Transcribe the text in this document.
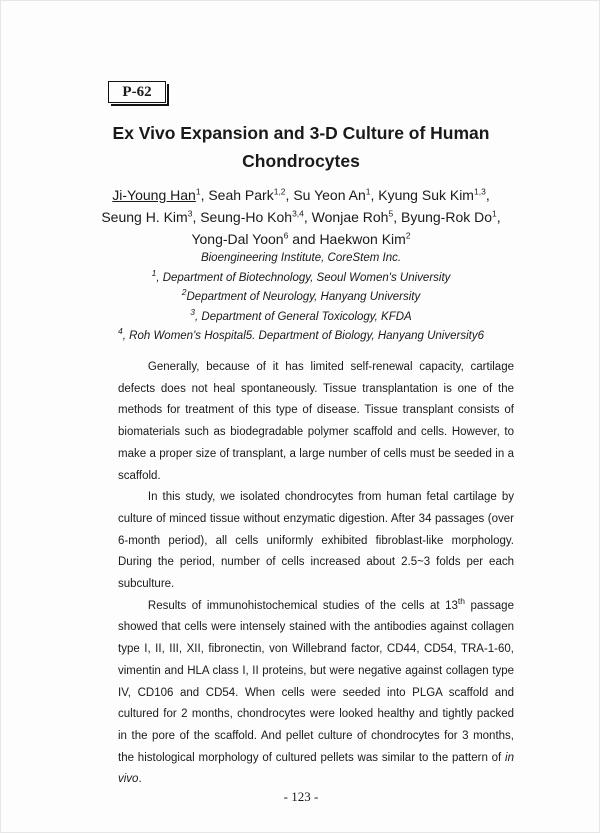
P-62
Ex Vivo Expansion and 3-D Culture of Human
Chondrocytes
Ji-Young Han$^1$, Seah Park$^{1,2}$, Su Yeon An$^1$, Kyung Suk Kim$^{1,3}$,
Seung H. Kim$^3$, Seung-Ho Koh$^{3,4}$, Wonjae Roh$^5$, Byung-Rok Do$^1$,
Yong-Dal Yoon$^6$ and Haekwon Kim$^2$
Bioengineering Institute, CoreStem Inc.
$^1$, Department of Biotechnology, Seoul Women's University
$^2$Department of Neurology, Hanyang University
$^3$, Department of General Toxicology, KFDA
$^4$, Roh Women's Hospital5. Department of Biology, Hanyang University6

Generally, because of it has limited self-renewal capacity, cartilage defects does not heal spontaneously. Tissue transplantation is one of the methods for treatment of this type of disease. Tissue transplant consists of biomaterials such as biodegradable polymer scaffold and cells. However, to make a proper size of transplant, a large number of cells must be seeded in a scaffold.

In this study, we isolated chondrocytes from human fetal cartilage by culture of minced tissue without enzymatic digestion. After 34 passages (over 6-month period), all cells uniformly exhibited fibroblast-like morphology. During the period, number of cells increased about 2.5~3 folds per each subculture.

Results of immunohistochemical studies of the cells at 13th passage showed that cells were intensely stained with the antibodies against collagen type I, II, III, XII, fibronectin, von Willebrand factor, CD44, CD54, TRA-1-60, vimentin and HLA class I, II proteins, but were negative against collagen type IV, CD106 and CD54. When cells were seeded into PLGA scaffold and cultured for 2 months, chondrocytes were looked healthy and tightly packed in the pore of the scaffold. And pellet culture of chondrocytes for 3 months, the histological morphology of cultured pellets was similar to the pattern of in vivo.

- 123 -
